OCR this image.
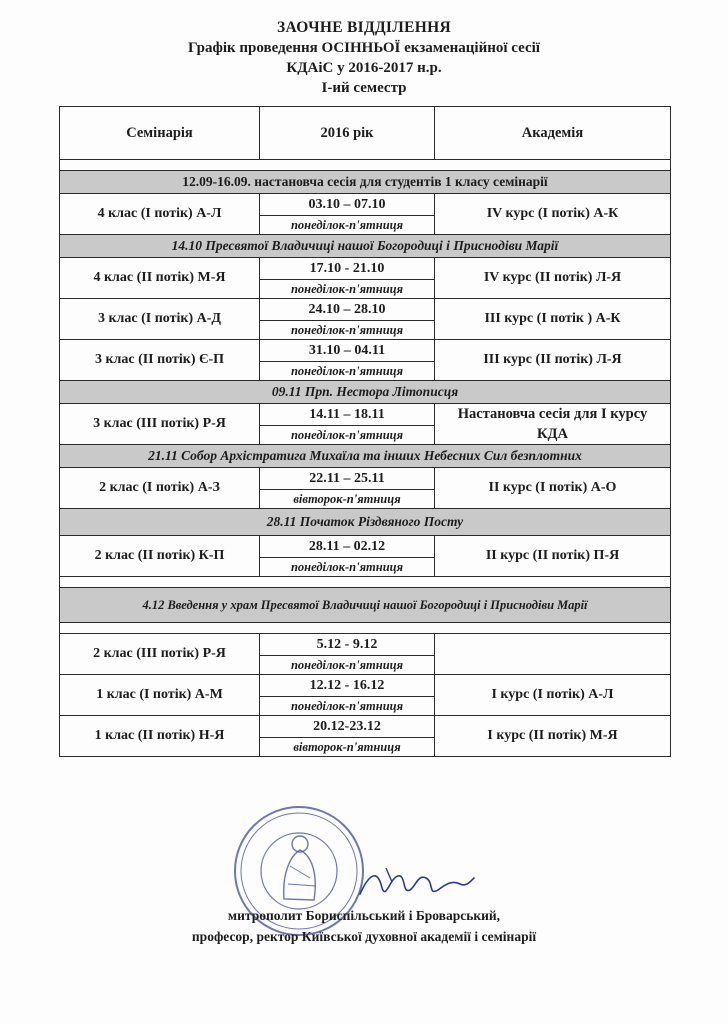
ЗАОЧНЕ ВІДДІЛЕННЯ
Графік проведення ОСІННЬОЇ екзаменаційної сесії
КДАіС у 2016-2017 н.р.
І-ий семестр
Семінарія	2016 рік	Академія

12.09-16.09. настановча сесія для студентів 1 класу семінарії		
4 клас (І потік) А-Л	03.10 – 07.10	IV курс (І потік) А-К
	понеділок-п'ятниця	
14.10 Пресвятої Владичиці нашої Богородиці і Приснодіви Марії		
4 клас (ІІ потік) М-Я	17.10 - 21.10	IV курс (ІІ потік) Л-Я
	понеділок-п'ятниця	
3 клас (І потік) А-Д	24.10 – 28.10	ІІІ курс (І потік ) А-К
	понеділок-п'ятниця	
3 клас (ІІ потік) Є-П	31.10 – 04.11	ІІІ курс (ІІ потік) Л-Я
	понеділок-п'ятниця	
09.11 Прп. Нестора Літописця		
3 клас (ІІІ потік) Р-Я	14.11 – 18.11	Настановча сесія для І курсу
КДА

	понеділок-п'ятниця	
21.11 Собор Архістратига Михаїла та інших Небесних Сил безплотних		
2 клас (І потік) А-З	22.11 – 25.11	ІІ курс (І потік) А-О
	вівторок-п'ятниця	
28.11 Початок Різдвяного Посту		
2 клас (ІІ потік) К-П	28.11 – 02.12	ІІ курс (ІІ потік) П-Я
	понеділок-п'ятниця	

4.12 Введення у храм Пресвятої Владичиці нашої Богородиці і Приснодіви Марії		

2 клас (ІІІ потік) Р-Я	5.12 - 9.12	
	понеділок-п'ятниця	
1 клас (І потік) А-М	12.12 - 16.12	І курс (І потік) А-Л
	понеділок-п'ятниця	
1 клас (ІІ потік) Н-Я	20.12-23.12	І курс (ІІ потік) М-Я
	вівторок-п'ятниця	
митрополит Бориспільський і Броварський,
професор, ректор Київської духовної академії і семінарії
